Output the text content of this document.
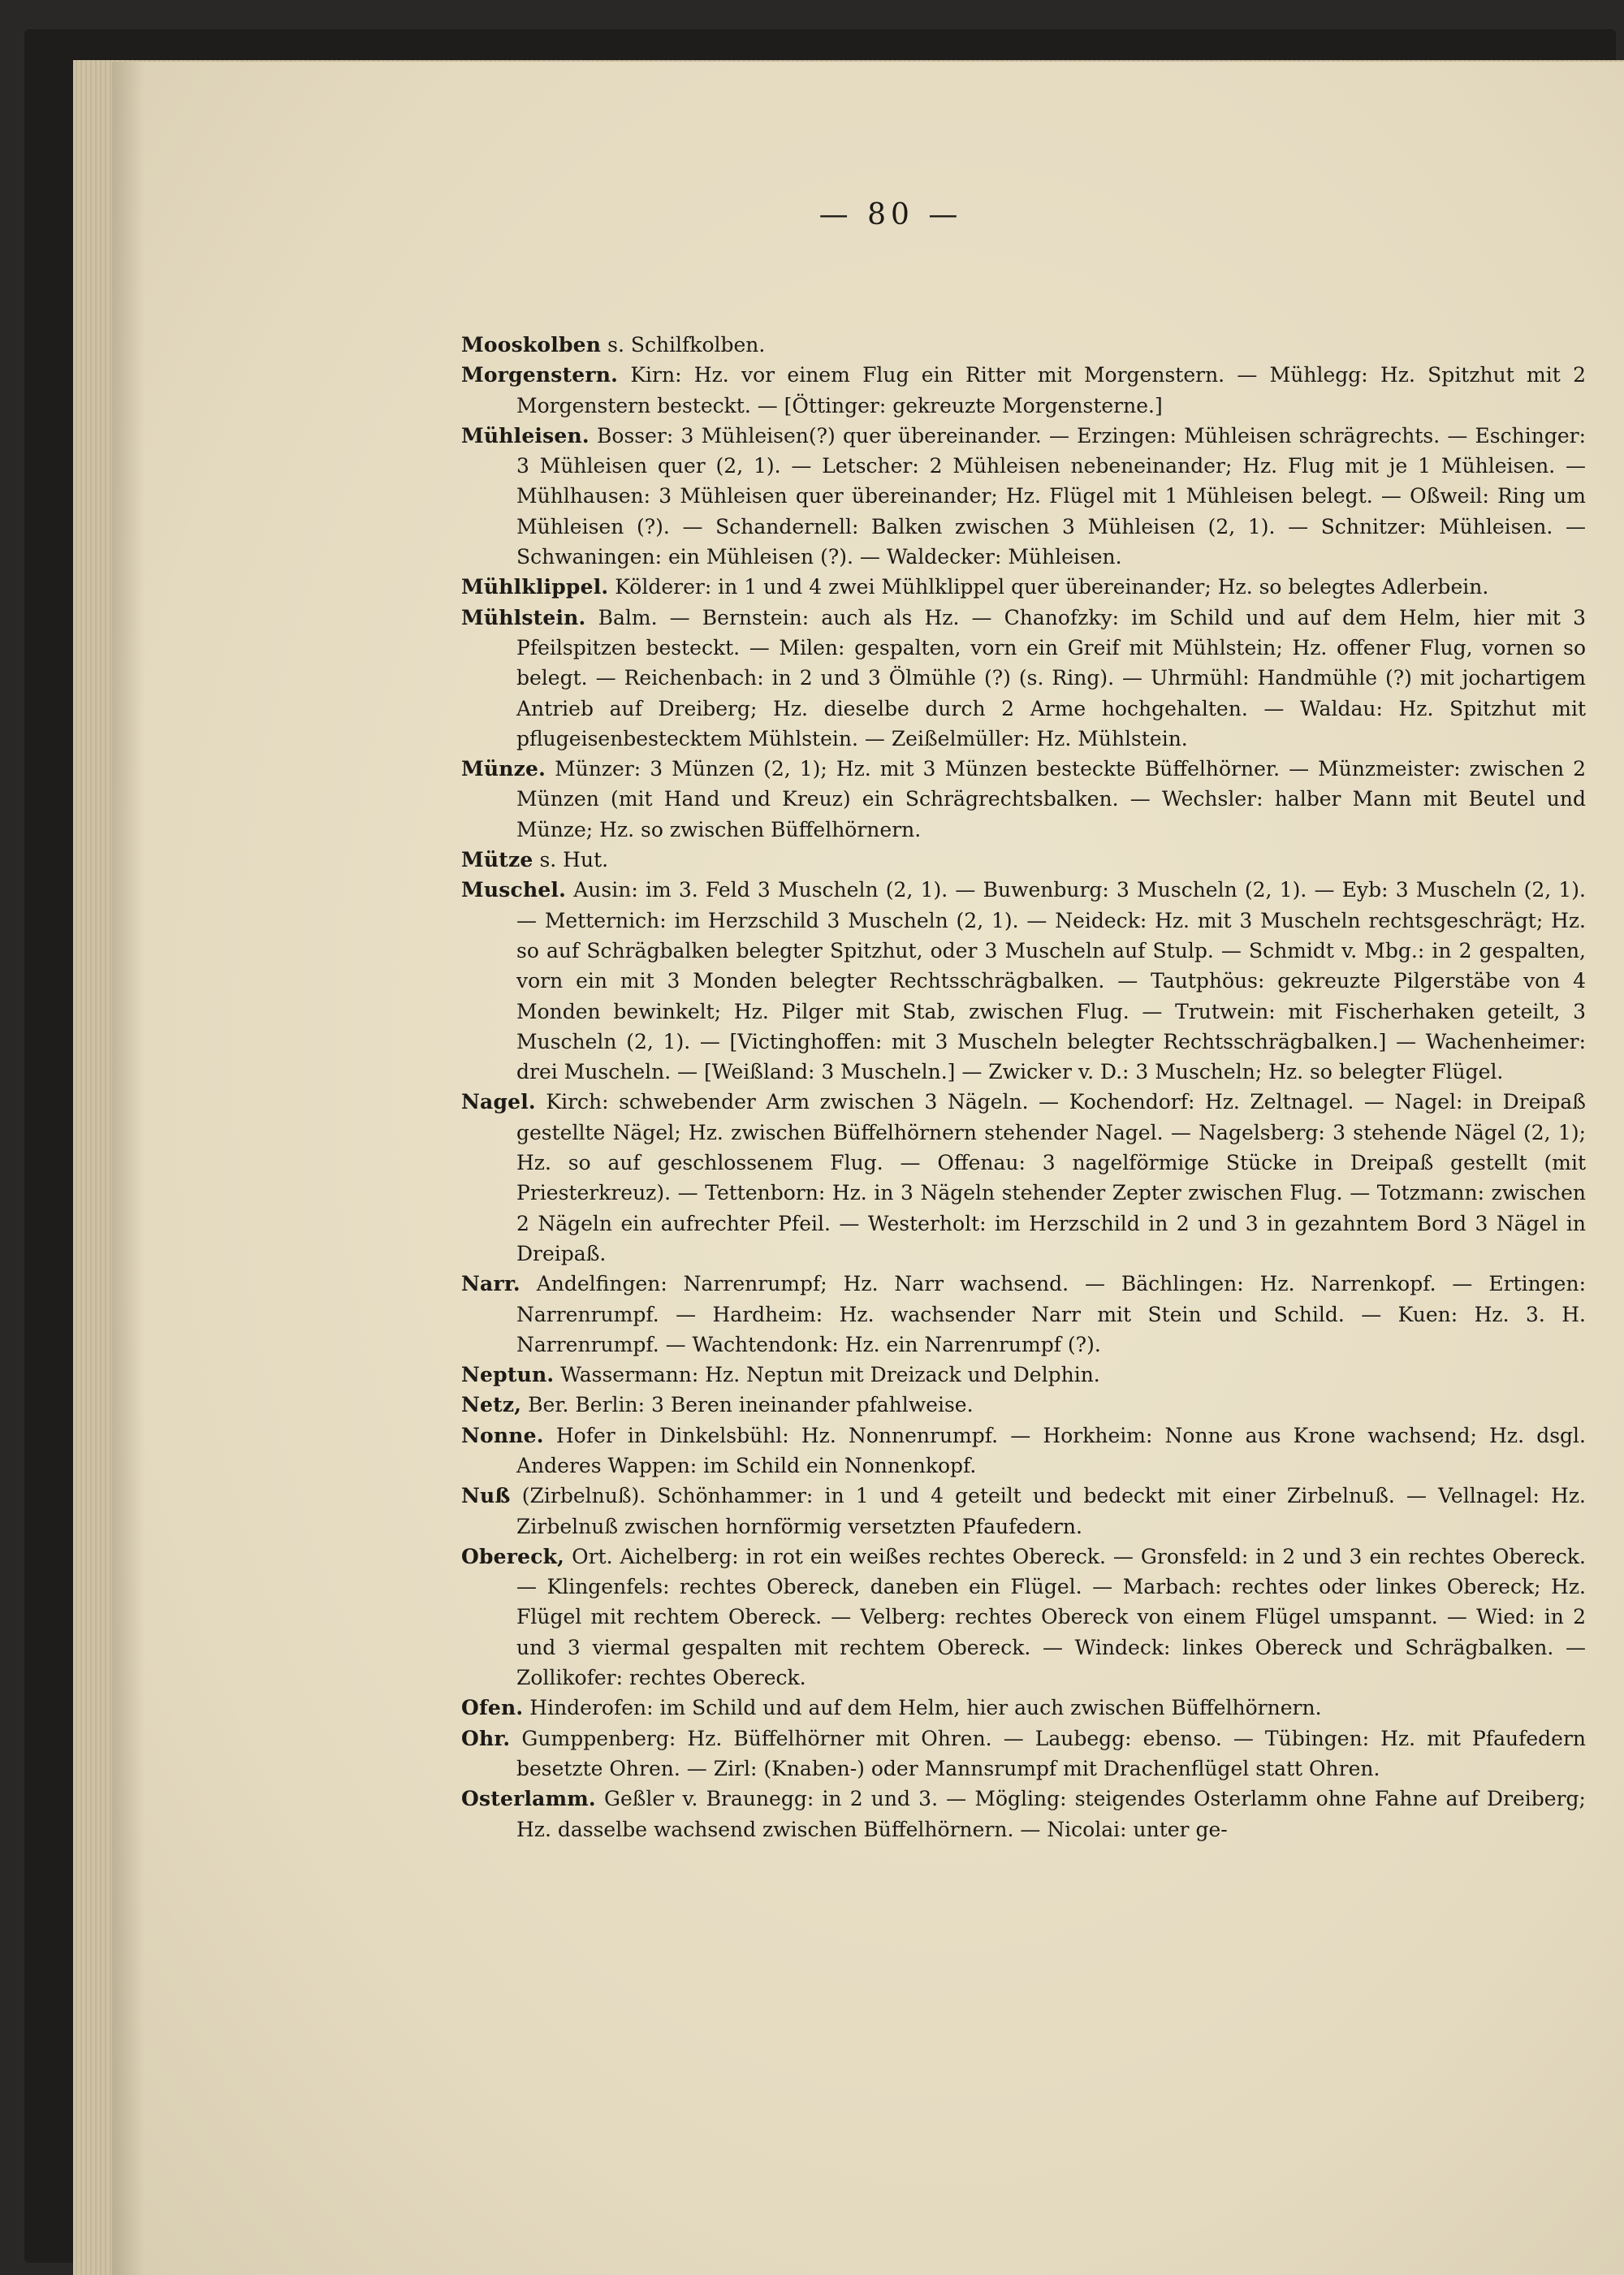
— 80 —
Mooskolben s. Schilfkolben.
Morgenstern. Kirn: Hz. vor einem Flug ein Ritter mit Morgenstern. — Mühlegg: Hz. Spitzhut mit 2 Morgenstern besteckt. — [Öttinger: gekreuzte Morgensterne.]
Mühleisen. Bosser: 3 Mühleisen(?) quer übereinander. — Erzingen: Mühleisen schrägrechts. — Eschinger: 3 Mühleisen quer (2, 1). — Letscher: 2 Mühleisen nebeneinander; Hz. Flug mit je 1 Mühleisen. — Mühlhausen: 3 Mühleisen quer übereinander; Hz. Flügel mit 1 Mühleisen belegt. — Oßweil: Ring um Mühleisen (?). — Schandernell: Balken zwischen 3 Mühleisen (2, 1). — Schnitzer: Mühleisen. — Schwaningen: ein Mühleisen (?). — Waldecker: Mühleisen.
Mühlklippel. Kölderer: in 1 und 4 zwei Mühlklippel quer übereinander; Hz. so belegtes Adlerbein.
Mühlstein. Balm. — Bernstein: auch als Hz. — Chanofzky: im Schild und auf dem Helm, hier mit 3 Pfeilspitzen besteckt. — Milen: gespalten, vorn ein Greif mit Mühlstein; Hz. offener Flug, vornen so belegt. — Reichenbach: in 2 und 3 Ölmühle (?) (s. Ring). — Uhrmühl: Handmühle (?) mit jochartigem Antrieb auf Dreiberg; Hz. dieselbe durch 2 Arme hochgehalten. — Waldau: Hz. Spitzhut mit pflugeisenbestecktem Mühlstein. — Zeißelmüller: Hz. Mühlstein.
Münze. Münzer: 3 Münzen (2, 1); Hz. mit 3 Münzen besteckte Büffelhörner. — Münzmeister: zwischen 2 Münzen (mit Hand und Kreuz) ein Schrägrechtsbalken. — Wechsler: halber Mann mit Beutel und Münze; Hz. so zwischen Büffelhörnern.
Mütze s. Hut.
Muschel. Ausin: im 3. Feld 3 Muscheln (2, 1). — Buwenburg: 3 Muscheln (2, 1). — Eyb: 3 Muscheln (2, 1). — Metternich: im Herzschild 3 Muscheln (2, 1). — Neideck: Hz. mit 3 Muscheln rechtsgeschrägt; Hz. so auf Schrägbalken belegter Spitzhut, oder 3 Muscheln auf Stulp. — Schmidt v. Mbg.: in 2 gespalten, vorn ein mit 3 Monden belegter Rechtsschrägbalken. — Tautphöus: gekreuzte Pilgerstäbe von 4 Monden bewinkelt; Hz. Pilger mit Stab, zwischen Flug. — Trutwein: mit Fischerhaken geteilt, 3 Muscheln (2, 1). — [Victinghoffen: mit 3 Muscheln belegter Rechtsschrägbalken.] — Wachenheimer: drei Muscheln. — [Weißland: 3 Muscheln.] — Zwicker v. D.: 3 Muscheln; Hz. so belegter Flügel.
Nagel. Kirch: schwebender Arm zwischen 3 Nägeln. — Kochendorf: Hz. Zeltnagel. — Nagel: in Dreipaß gestellte Nägel; Hz. zwischen Büffelhörnern stehender Nagel. — Nagelsberg: 3 stehende Nägel (2, 1); Hz. so auf geschlossenem Flug. — Offenau: 3 nagelförmige Stücke in Dreipaß gestellt (mit Priesterkreuz). — Tettenborn: Hz. in 3 Nägeln stehender Zepter zwischen Flug. — Totzmann: zwischen 2 Nägeln ein aufrechter Pfeil. — Westerholt: im Herzschild in 2 und 3 in gezahntem Bord 3 Nägel in Dreipaß.
Narr. Andelfingen: Narrenrumpf; Hz. Narr wachsend. — Bächlingen: Hz. Narrenkopf. — Ertingen: Narrenrumpf. — Hardheim: Hz. wachsender Narr mit Stein und Schild. — Kuen: Hz. 3. H. Narrenrumpf. — Wachtendonk: Hz. ein Narrenrumpf (?).
Neptun. Wassermann: Hz. Neptun mit Dreizack und Delphin.
Netz, Ber. Berlin: 3 Beren ineinander pfahlweise.
Nonne. Hofer in Dinkelsbühl: Hz. Nonnenrumpf. — Horkheim: Nonne aus Krone wachsend; Hz. dsgl. Anderes Wappen: im Schild ein Nonnenkopf.
Nuß (Zirbelnuß). Schönhammer: in 1 und 4 geteilt und bedeckt mit einer Zirbelnuß. — Vellnagel: Hz. Zirbelnuß zwischen hornförmig versetzten Pfaufedern.
Obereck, Ort. Aichelberg: in rot ein weißes rechtes Obereck. — Gronsfeld: in 2 und 3 ein rechtes Obereck. — Klingenfels: rechtes Obereck, daneben ein Flügel. — Marbach: rechtes oder linkes Obereck; Hz. Flügel mit rechtem Obereck. — Velberg: rechtes Obereck von einem Flügel umspannt. — Wied: in 2 und 3 viermal gespalten mit rechtem Obereck. — Windeck: linkes Obereck und Schrägbalken. — Zollikofer: rechtes Obereck.
Ofen. Hinderofen: im Schild und auf dem Helm, hier auch zwischen Büffelhörnern.
Ohr. Gumppenberg: Hz. Büffelhörner mit Ohren. — Laubegg: ebenso. — Tübingen: Hz. mit Pfaufedern besetzte Ohren. — Zirl: (Knaben-) oder Mannsrumpf mit Drachenflügel statt Ohren.
Osterlamm. Geßler v. Braunegg: in 2 und 3. — Mögling: steigendes Osterlamm ohne Fahne auf Dreiberg; Hz. dasselbe wachsend zwischen Büffelhörnern. — Nicolai: unter ge-
